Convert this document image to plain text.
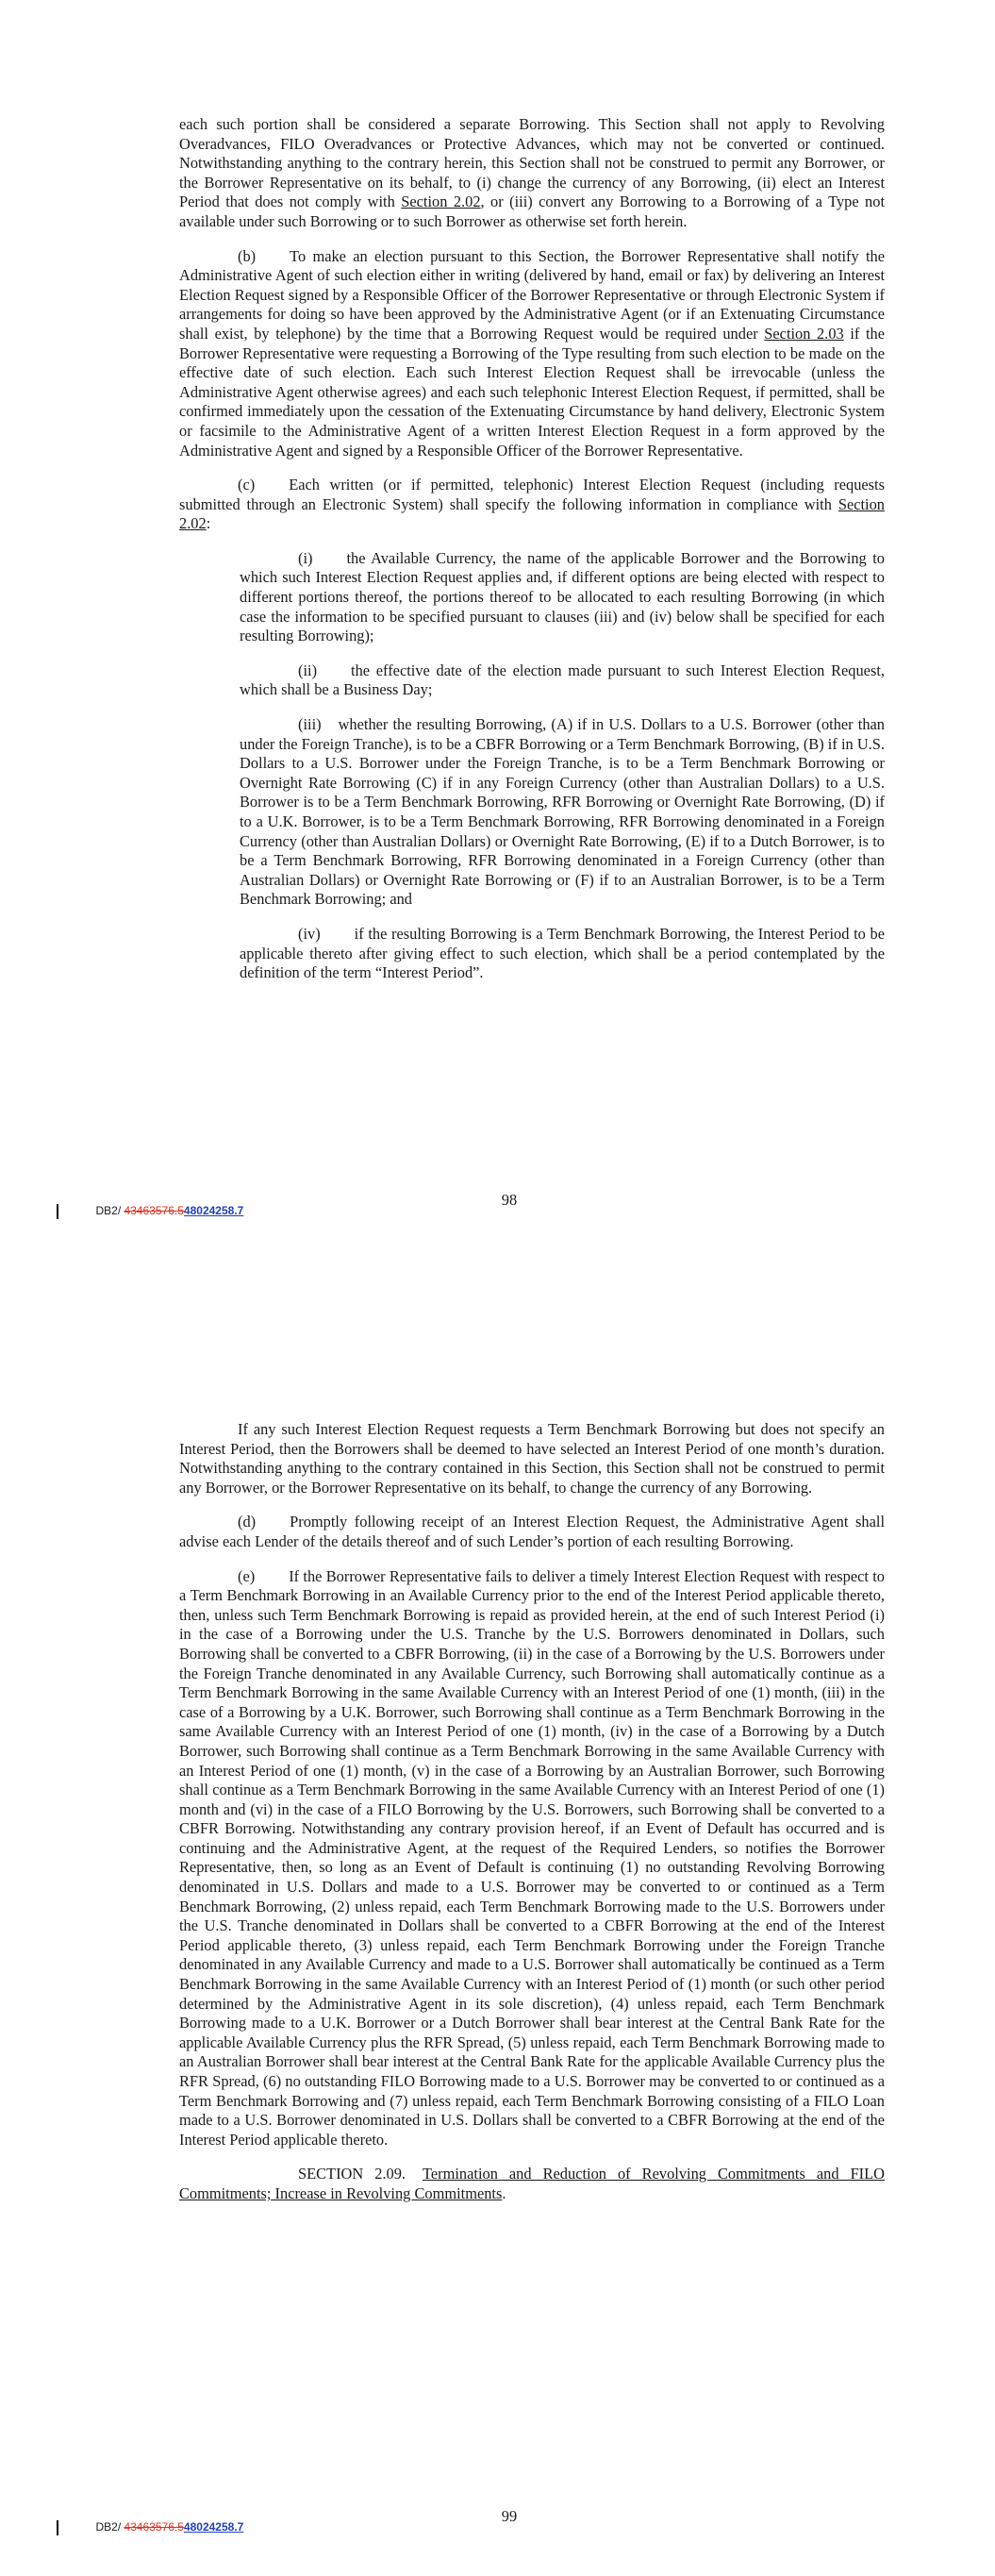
each such portion shall be considered a separate Borrowing. This Section shall not apply to Revolving Overadvances, FILO Overadvances or Protective Advances, which may not be converted or continued. Notwithstanding anything to the contrary herein, this Section shall not be construed to permit any Borrower, or the Borrower Representative on its behalf, to (i) change the currency of any Borrowing, (ii) elect an Interest Period that does not comply with Section 2.02, or (iii) convert any Borrowing to a Borrowing of a Type not available under such Borrowing or to such Borrower as otherwise set forth herein.

(b) To make an election pursuant to this Section, the Borrower Representative shall notify the Administrative Agent of such election either in writing (delivered by hand, email or fax) by delivering an Interest Election Request signed by a Responsible Officer of the Borrower Representative or through Electronic System if arrangements for doing so have been approved by the Administrative Agent (or if an Extenuating Circumstance shall exist, by telephone) by the time that a Borrowing Request would be required under Section 2.03 if the Borrower Representative were requesting a Borrowing of the Type resulting from such election to be made on the effective date of such election. Each such Interest Election Request shall be irrevocable (unless the Administrative Agent otherwise agrees) and each such telephonic Interest Election Request, if permitted, shall be confirmed immediately upon the cessation of the Extenuating Circumstance by hand delivery, Electronic System or facsimile to the Administrative Agent of a written Interest Election Request in a form approved by the Administrative Agent and signed by a Responsible Officer of the Borrower Representative.

(c) Each written (or if permitted, telephonic) Interest Election Request (including requests submitted through an Electronic System) shall specify the following information in compliance with Section 2.02:

(i) the Available Currency, the name of the applicable Borrower and the Borrowing to which such Interest Election Request applies and, if different options are being elected with respect to different portions thereof, the portions thereof to be allocated to each resulting Borrowing (in which case the information to be specified pursuant to clauses (iii) and (iv) below shall be specified for each resulting Borrowing);

(ii) the effective date of the election made pursuant to such Interest Election Request, which shall be a Business Day;

(iii) whether the resulting Borrowing, (A) if in U.S. Dollars to a U.S. Borrower (other than under the Foreign Tranche), is to be a CBFR Borrowing or a Term Benchmark Borrowing, (B) if in U.S. Dollars to a U.S. Borrower under the Foreign Tranche, is to be a Term Benchmark Borrowing or Overnight Rate Borrowing (C) if in any Foreign Currency (other than Australian Dollars) to a U.S. Borrower is to be a Term Benchmark Borrowing, RFR Borrowing or Overnight Rate Borrowing, (D) if to a U.K. Borrower, is to be a Term Benchmark Borrowing, RFR Borrowing denominated in a Foreign Currency (other than Australian Dollars) or Overnight Rate Borrowing, (E) if to a Dutch Borrower, is to be a Term Benchmark Borrowing, RFR Borrowing denominated in a Foreign Currency (other than Australian Dollars) or Overnight Rate Borrowing or (F) if to an Australian Borrower, is to be a Term Benchmark Borrowing; and

(iv) if the resulting Borrowing is a Term Benchmark Borrowing, the Interest Period to be applicable thereto after giving effect to such election, which shall be a period contemplated by the definition of the term “Interest Period”.

98
DB2/ 43463576.548024258.7

If any such Interest Election Request requests a Term Benchmark Borrowing but does not specify an Interest Period, then the Borrowers shall be deemed to have selected an Interest Period of one month’s duration. Notwithstanding anything to the contrary contained in this Section, this Section shall not be construed to permit any Borrower, or the Borrower Representative on its behalf, to change the currency of any Borrowing.

(d) Promptly following receipt of an Interest Election Request, the Administrative Agent shall advise each Lender of the details thereof and of such Lender’s portion of each resulting Borrowing.

(e) If the Borrower Representative fails to deliver a timely Interest Election Request with respect to a Term Benchmark Borrowing in an Available Currency prior to the end of the Interest Period applicable thereto, then, unless such Term Benchmark Borrowing is repaid as provided herein, at the end of such Interest Period (i) in the case of a Borrowing under the U.S. Tranche by the U.S. Borrowers denominated in Dollars, such Borrowing shall be converted to a CBFR Borrowing, (ii) in the case of a Borrowing by the U.S. Borrowers under the Foreign Tranche denominated in any Available Currency, such Borrowing shall automatically continue as a Term Benchmark Borrowing in the same Available Currency with an Interest Period of one (1) month, (iii) in the case of a Borrowing by a U.K. Borrower, such Borrowing shall continue as a Term Benchmark Borrowing in the same Available Currency with an Interest Period of one (1) month, (iv) in the case of a Borrowing by a Dutch Borrower, such Borrowing shall continue as a Term Benchmark Borrowing in the same Available Currency with an Interest Period of one (1) month, (v) in the case of a Borrowing by an Australian Borrower, such Borrowing shall continue as a Term Benchmark Borrowing in the same Available Currency with an Interest Period of one (1) month and (vi) in the case of a FILO Borrowing by the U.S. Borrowers, such Borrowing shall be converted to a CBFR Borrowing. Notwithstanding any contrary provision hereof, if an Event of Default has occurred and is continuing and the Administrative Agent, at the request of the Required Lenders, so notifies the Borrower Representative, then, so long as an Event of Default is continuing (1) no outstanding Revolving Borrowing denominated in U.S. Dollars and made to a U.S. Borrower may be converted to or continued as a Term Benchmark Borrowing, (2) unless repaid, each Term Benchmark Borrowing made to the U.S. Borrowers under the U.S. Tranche denominated in Dollars shall be converted to a CBFR Borrowing at the end of the Interest Period applicable thereto, (3) unless repaid, each Term Benchmark Borrowing under the Foreign Tranche denominated in any Available Currency and made to a U.S. Borrower shall automatically be continued as a Term Benchmark Borrowing in the same Available Currency with an Interest Period of (1) month (or such other period determined by the Administrative Agent in its sole discretion), (4) unless repaid, each Term Benchmark Borrowing made to a U.K. Borrower or a Dutch Borrower shall bear interest at the Central Bank Rate for the applicable Available Currency plus the RFR Spread, (5) unless repaid, each Term Benchmark Borrowing made to an Australian Borrower shall bear interest at the Central Bank Rate for the applicable Available Currency plus the RFR Spread, (6) no outstanding FILO Borrowing made to a U.S. Borrower may be converted to or continued as a Term Benchmark Borrowing and (7) unless repaid, each Term Benchmark Borrowing consisting of a FILO Loan made to a U.S. Borrower denominated in U.S. Dollars shall be converted to a CBFR Borrowing at the end of the Interest Period applicable thereto.

SECTION 2.09. Termination and Reduction of Revolving Commitments and FILO Commitments; Increase in Revolving Commitments.

99
DB2/ 43463576.548024258.7
